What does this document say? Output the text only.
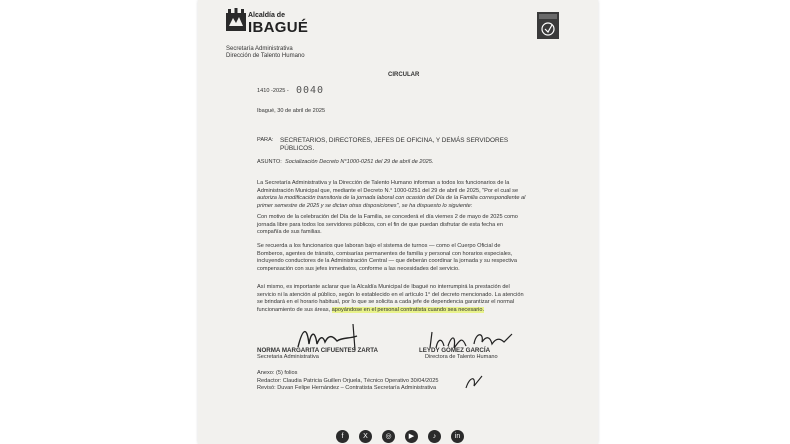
Alcaldía de
IBAGUÉ
Secretaría Administrativa
Dirección de Talento Humano
CIRCULAR
1410 -2025 - 0040
Ibagué, 30 de abril de 2025
PARA: SECRETARIOS, DIRECTORES, JEFES DE OFICINA, Y DEMÁS SERVIDORES
PÚBLICOS.
ASUNTO: Socialización Decreto N°1000-0251 del 29 de abril de 2025.
La Secretaría Administrativa y la Dirección de Talento Humano informan a todos los funcionarios de la
Administración Municipal que, mediante el Decreto N.° 1000-0251 del 29 de abril de 2025, "Por el cual se
autoriza la modificación transitoria de la jornada laboral con ocasión del Día de la Familia correspondiente al
primer semestre de 2025 y se dictan otras disposiciones", se ha dispuesto lo siguiente:
Con motivo de la celebración del Día de la Familia, se concederá el día viernes 2 de mayo de 2025 como
jornada libre para todos los servidores públicos, con el fin de que puedan disfrutar de esta fecha en
compañía de sus familias.
Se recuerda a los funcionarios que laboran bajo el sistema de turnos — como el Cuerpo Oficial de
Bomberos, agentes de tránsito, comisarías permanentes de familia y personal con horarios especiales,
incluyendo conductores de la Administración Central — que deberán coordinar la jornada y su respectiva
compensación con sus jefes inmediatos, conforme a las necesidades del servicio.
Así mismo, es importante aclarar que la Alcaldía Municipal de Ibagué no interrumpirá la prestación del
servicio ni la atención al público, según lo establecido en el artículo 1° del decreto mencionado. La atención
se brindará en el horario habitual, por lo que se solicita a cada jefe de dependencia garantizar el normal
funcionamiento de sus áreas, apoyándose en el personal contratista cuando sea necesario.
NORMA MARGARITA CIFUENTES ZARTA
Secretaria Administrativa
LEYDY GÓMEZ GARCÍA
Directora de Talento Humano
Anexo: (5) folios
Redactor: Claudia Patricia Guillen Orjuela, Técnico Operativo 30/04/2025
Revisó: Duvan Felipe Hernández – Contratista Secretaría Administrativa
f	X	◎	▶	♪	in
